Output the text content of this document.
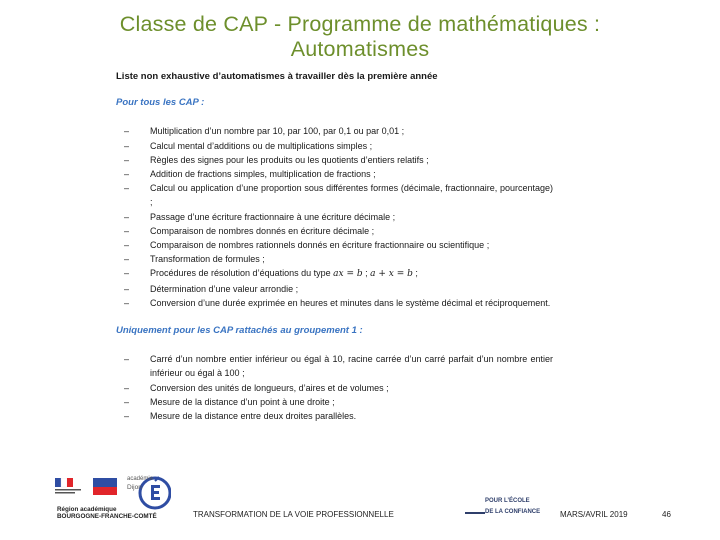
Classe de CAP - Programme de mathématiques :
Automatismes
Liste non exhaustive d’automatismes à travailler dès la première année
Pour tous les CAP :
– Multiplication d’un nombre par 10, par 100, par 0,1 ou par 0,01 ;
– Calcul mental d’additions ou de multiplications simples ;
– Règles des signes pour les produits ou les quotients d’entiers relatifs ;
– Addition de fractions simples, multiplication de fractions ;
– Calcul ou application d’une proportion sous différentes formes (décimale, fractionnaire, pourcentage) ;
– Passage d’une écriture fractionnaire à une écriture décimale ;
– Comparaison de nombres donnés en écriture décimale ;
– Comparaison de nombres rationnels donnés en écriture fractionnaire ou scientifique ;
– Transformation de formules ;
– Procédures de résolution d’équations du type ax = b ; a + x = b ;
– Détermination d’une valeur arrondie ;
– Conversion d’une durée exprimée en heures et minutes dans le système décimal et réciproquement.
Uniquement pour les CAP rattachés au groupement 1 :
– Carré d’un nombre entier inférieur ou égal à 10, racine carrée d’un carré parfait d’un nombre entier inférieur ou égal à 100 ;
– Conversion des unités de longueurs, d’aires et de volumes ;
– Mesure de la distance d’un point à une droite ;
– Mesure de la distance entre deux droites parallèles.
Région académique
BOURGOGNE-FRANCHE-COMTÉ
académie
Dijon
TRANSFORMATION DE LA VOIE PROFESSIONNELLE
POUR L’ÉCOLE
DE LA CONFIANCE MARS/AVRIL 2019	46
